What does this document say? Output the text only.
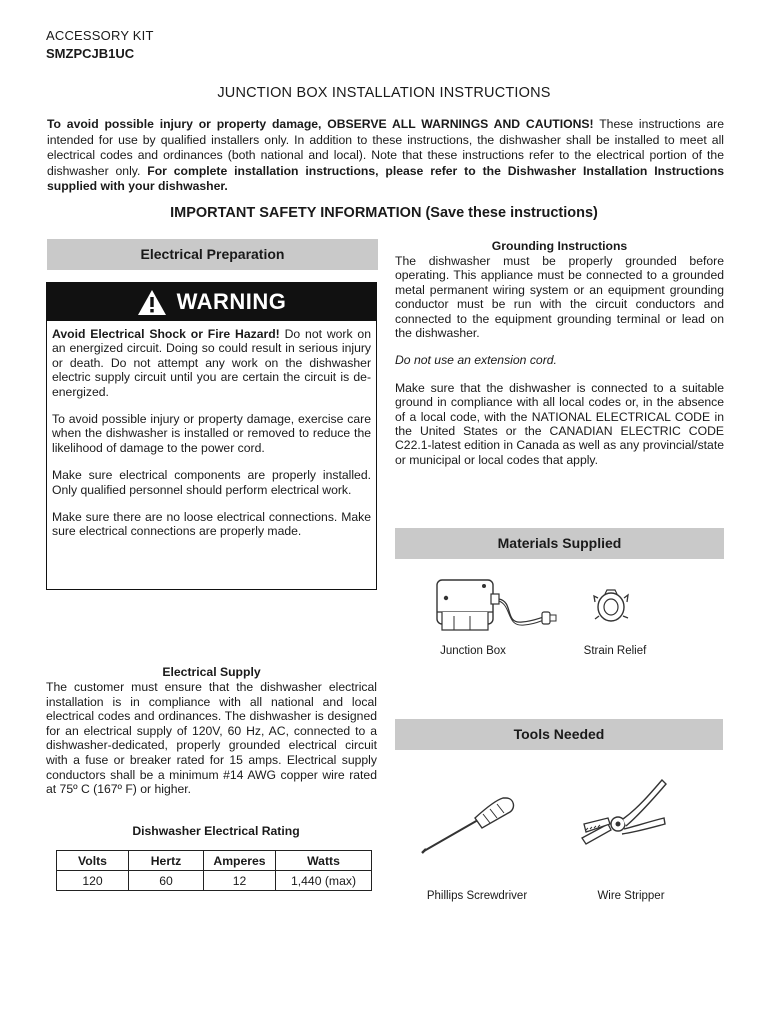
ACCESSORY KIT
SMZPCJB1UC
JUNCTION BOX INSTALLATION INSTRUCTIONS
To avoid possible injury or property damage, OBSERVE ALL WARNINGS AND CAUTIONS! These instructions are intended for use by qualified installers only. In addition to these instructions, the dishwasher shall be installed to meet all electrical codes and ordinances (both national and local). Note that these instructions refer to the electrical portion of the dishwasher only. For complete installation instructions, please refer to the Dishwasher Installation Instructions supplied with your dishwasher.
IMPORTANT SAFETY INFORMATION (Save these instructions)
Electrical Preparation
WARNING

Avoid Electrical Shock or Fire Hazard! Do not work on an energized circuit. Doing so could result in serious injury or death. Do not attempt any work on the dishwasher electric supply circuit until you are certain the circuit is de-energized.

To avoid possible injury or property damage, exercise care when the dishwasher is installed or removed to reduce the likelihood of damage to the power cord.

Make sure electrical components are properly installed. Only qualified personnel should perform electrical work.

Make sure there are no loose electrical connections. Make sure electrical connections are properly made.

Grounding Instructions

The dishwasher must be properly grounded before operating. This appliance must be connected to a grounded metal permanent wiring system or an equipment grounding conductor must be run with the circuit conductors and connected to the equipment grounding terminal or lead on the dishwasher.

Do not use an extension cord.

Make sure that the dishwasher is connected to a suitable ground in compliance with all local codes or, in the absence of a local code, with the NATIONAL ELECTRICAL CODE in the United States or the CANADIAN ELECTRIC CODE C22.1-latest edition in Canada as well as any provincial/state or municipal or local codes that apply.

Electrical Supply
The customer must ensure that the dishwasher electrical installation is in compliance with all national and local electrical codes and ordinances. The dishwasher is designed for an electrical supply of 120V, 60 Hz, AC, connected to a dishwasher-dedicated, properly grounded electrical circuit with a fuse or breaker rated for 15 amps. Electrical supply conductors shall be a minimum #14 AWG copper wire rated at 75º C (167º F) or higher.
Dishwasher Electrical Rating
Volts	Hertz	Amperes	Watts
120	60	12	1,440 (max)
Materials Supplied
Junction Box	Strain Relief
Tools Needed
Phillips Screwdriver	Wire Stripper
